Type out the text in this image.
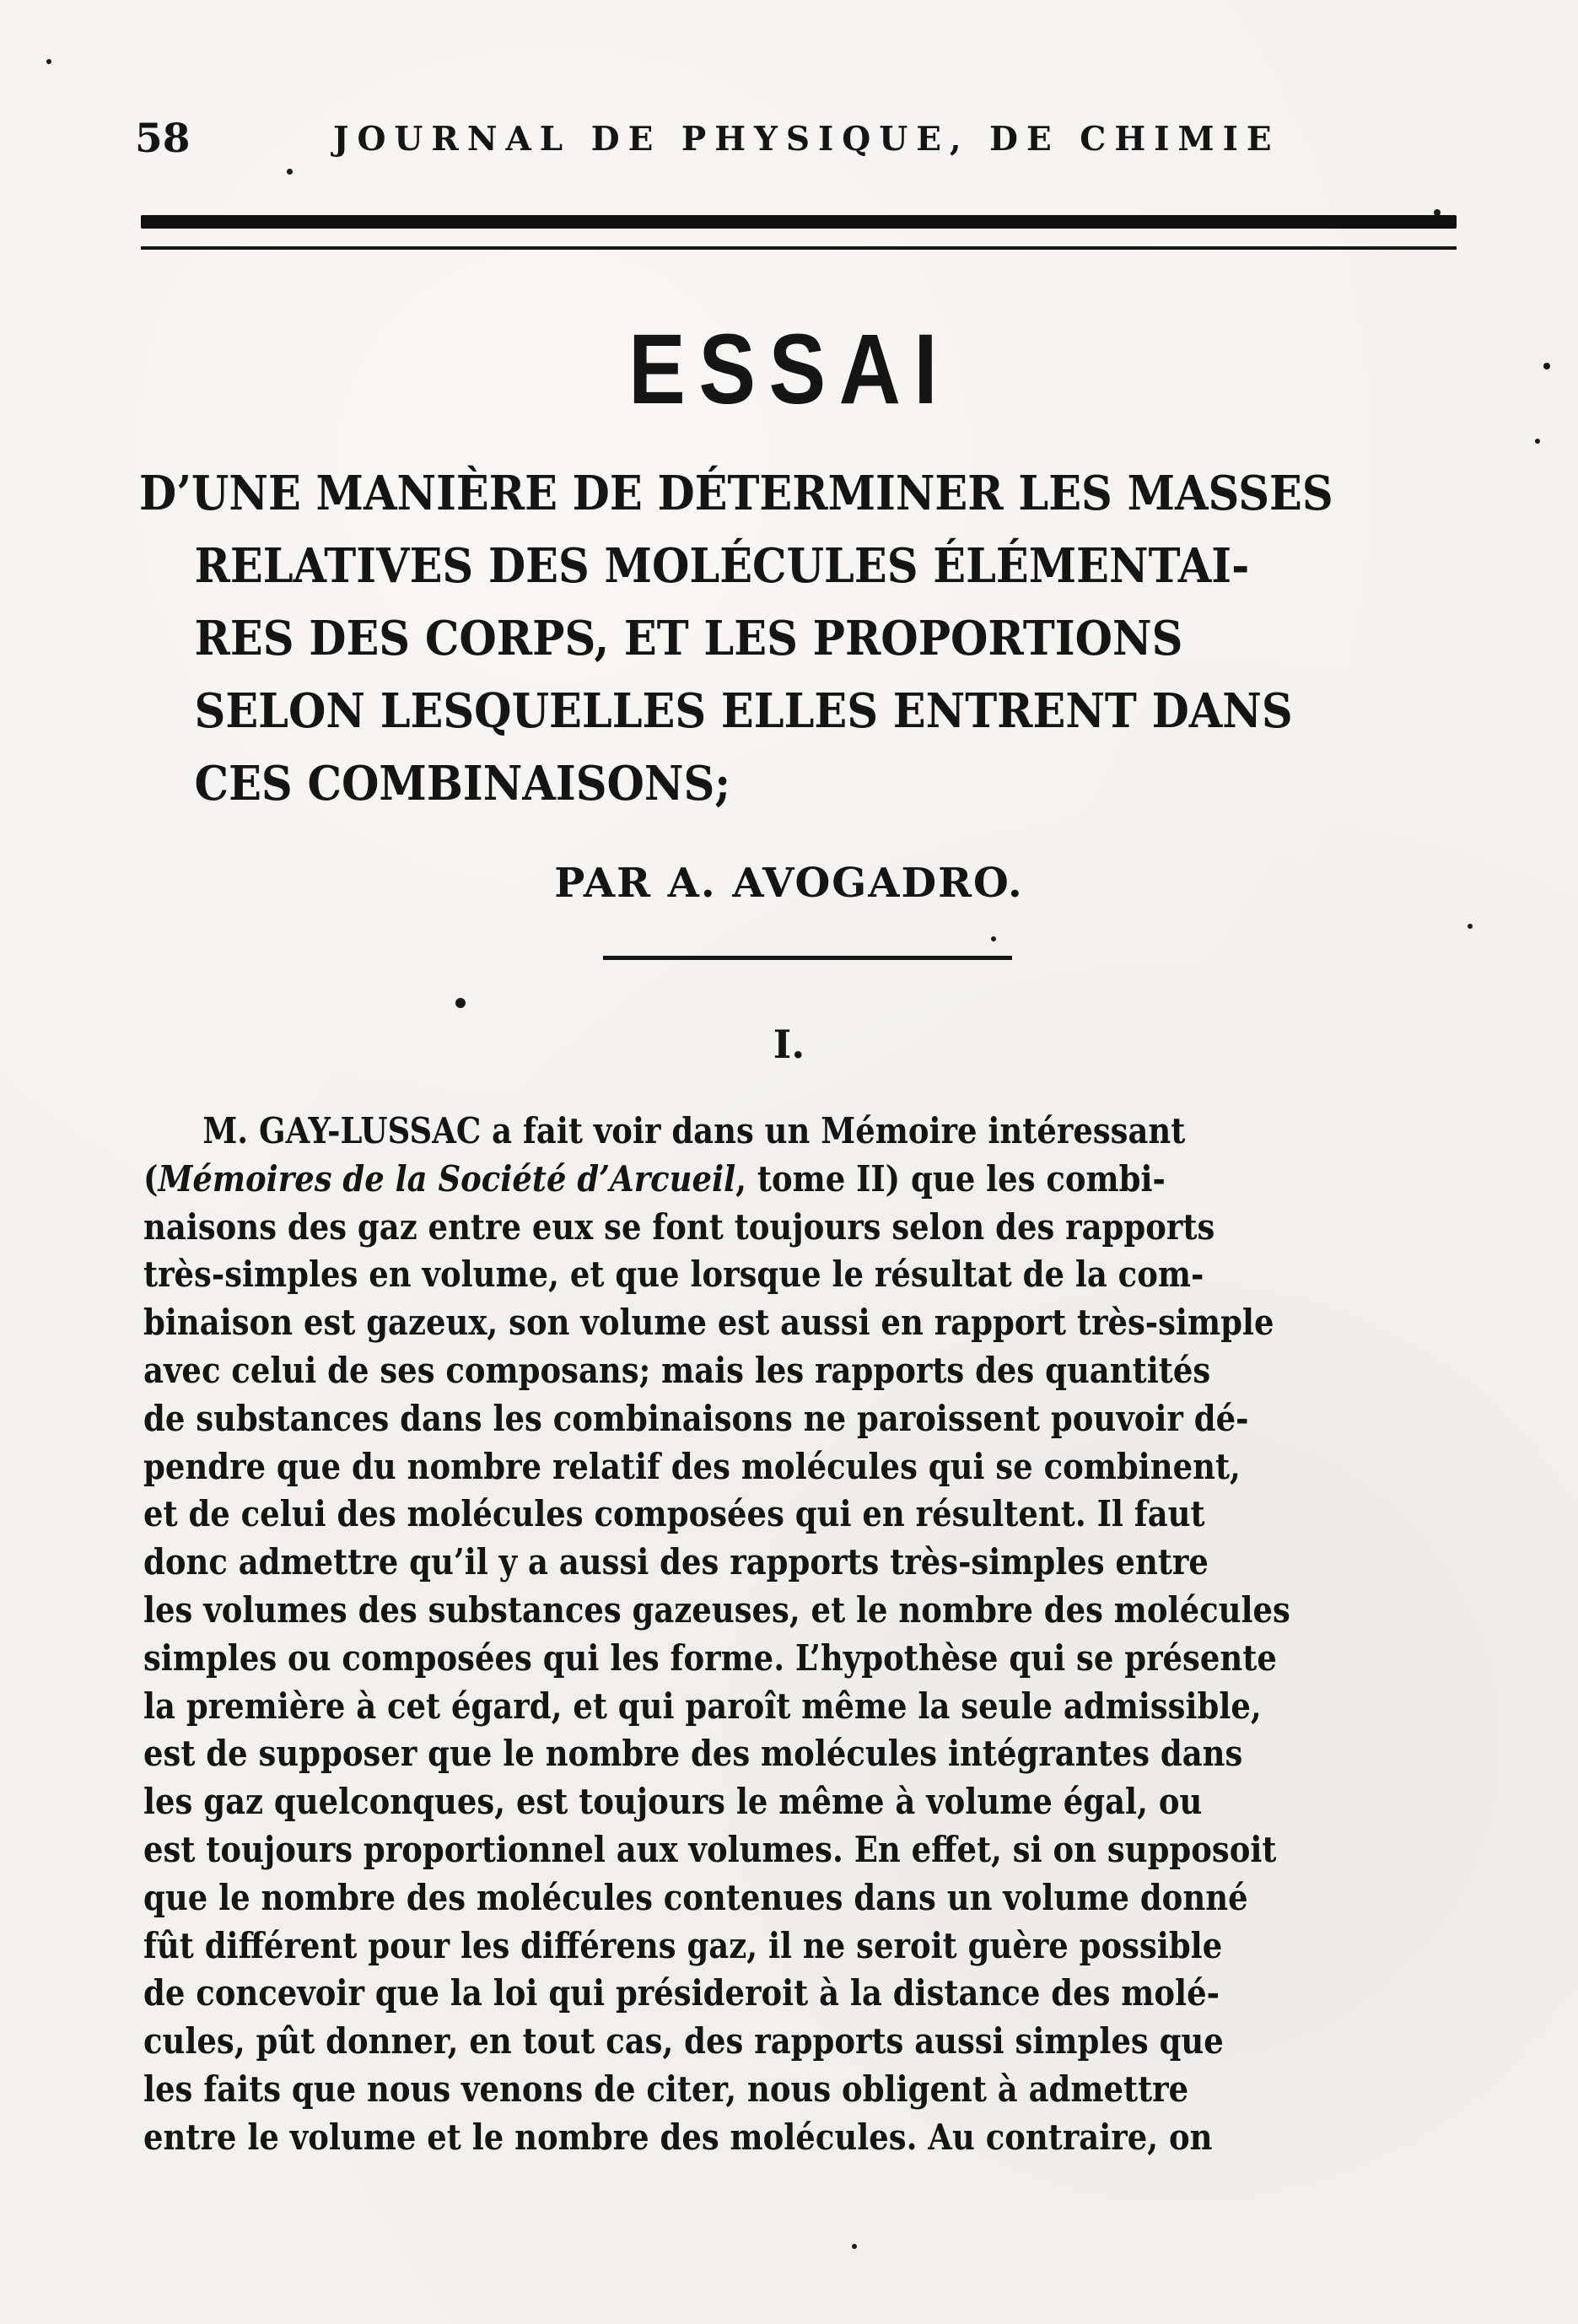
58	JOURNAL DE PHYSIQUE, DE CHIMIE
ESSAI
D’UNE MANIÈRE DE DÉTERMINER LES MASSES
RELATIVES DES MOLÉCULES ÉLÉMENTAI-
RES DES CORPS, ET LES PROPORTIONS
SELON LESQUELLES ELLES ENTRENT DANS
CES COMBINAISONS;
PAR A. AVOGADRO.
I.
M. GAY-LUSSAC a fait voir dans un Mémoire intéressant
(Mémoires de la Société d’Arcueil, tome II) que les combi-
naisons des gaz entre eux se font toujours selon des rapports
très-simples en volume, et que lorsque le résultat de la com-
binaison est gazeux, son volume est aussi en rapport très-simple
avec celui de ses composans; mais les rapports des quantités
de substances dans les combinaisons ne paroissent pouvoir dé-
pendre que du nombre relatif des molécules qui se combinent,
et de celui des molécules composées qui en résultent. Il faut
donc admettre qu’il y a aussi des rapports très-simples entre
les volumes des substances gazeuses, et le nombre des molécules
simples ou composées qui les forme. L’hypothèse qui se présente
la première à cet égard, et qui paroît même la seule admissible,
est de supposer que le nombre des molécules intégrantes dans
les gaz quelconques, est toujours le même à volume égal, ou
est toujours proportionnel aux volumes. En effet, si on supposoit
que le nombre des molécules contenues dans un volume donné
fût différent pour les différens gaz, il ne seroit guère possible
de concevoir que la loi qui présideroit à la distance des molé-
cules, pût donner, en tout cas, des rapports aussi simples que
les faits que nous venons de citer, nous obligent à admettre
entre le volume et le nombre des molécules. Au contraire, on
